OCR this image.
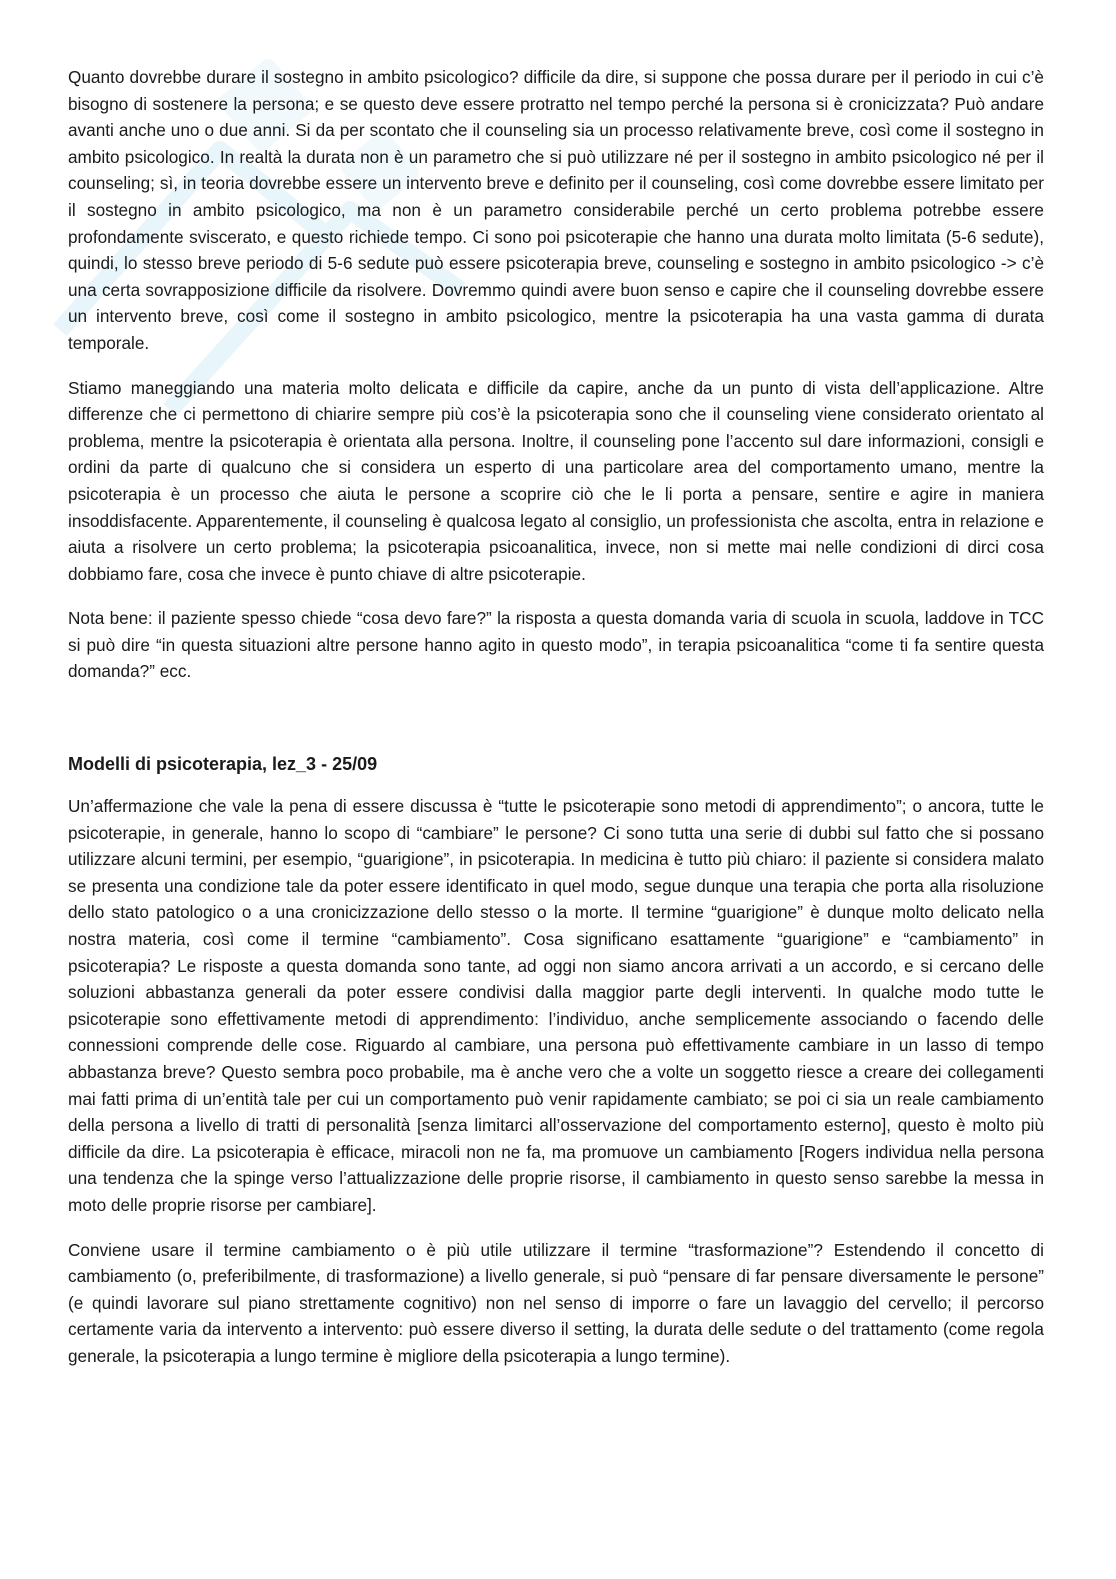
Quanto dovrebbe durare il sostegno in ambito psicologico? difficile da dire, si suppone che possa durare per il periodo in cui c’è bisogno di sostenere la persona; e se questo deve essere protratto nel tempo perché la persona si è cronicizzata? Può andare avanti anche uno o due anni. Si da per scontato che il counseling sia un processo relativamente breve, così come il sostegno in ambito psicologico. In realtà la durata non è un parametro che si può utilizzare né per il sostegno in ambito psicologico né per il counseling; sì, in teoria dovrebbe essere un intervento breve e definito per il counseling, così come dovrebbe essere limitato per il sostegno in ambito psicologico, ma non è un parametro considerabile perché un certo problema potrebbe essere profondamente sviscerato, e questo richiede tempo. Ci sono poi psicoterapie che hanno una durata molto limitata (5-6 sedute), quindi, lo stesso breve periodo di 5-6 sedute può essere psicoterapia breve, counseling e sostegno in ambito psicologico -> c’è una certa sovrapposizione difficile da risolvere. Dovremmo quindi avere buon senso e capire che il counseling dovrebbe essere un intervento breve, così come il sostegno in ambito psicologico, mentre la psicoterapia ha una vasta gamma di durata temporale.

Stiamo maneggiando una materia molto delicata e difficile da capire, anche da un punto di vista dell’applicazione. Altre differenze che ci permettono di chiarire sempre più cos’è la psicoterapia sono che il counseling viene considerato orientato al problema, mentre la psicoterapia è orientata alla persona. Inoltre, il counseling pone l’accento sul dare informazioni, consigli e ordini da parte di qualcuno che si considera un esperto di una particolare area del comportamento umano, mentre la psicoterapia è un processo che aiuta le persone a scoprire ciò che le li porta a pensare, sentire e agire in maniera insoddisfacente. Apparentemente, il counseling è qualcosa legato al consiglio, un professionista che ascolta, entra in relazione e aiuta a risolvere un certo problema; la psicoterapia psicoanalitica, invece, non si mette mai nelle condizioni di dirci cosa dobbiamo fare, cosa che invece è punto chiave di altre psicoterapie.

Nota bene: il paziente spesso chiede “cosa devo fare?” la risposta a questa domanda varia di scuola in scuola, laddove in TCC si può dire “in questa situazioni altre persone hanno agito in questo modo”, in terapia psicoanalitica “come ti fa sentire questa domanda?” ecc.

Modelli di psicoterapia, lez_3 - 25/09

Un’affermazione che vale la pena di essere discussa è “tutte le psicoterapie sono metodi di apprendimento”; o ancora, tutte le psicoterapie, in generale, hanno lo scopo di “cambiare” le persone? Ci sono tutta una serie di dubbi sul fatto che si possano utilizzare alcuni termini, per esempio, “guarigione”, in psicoterapia. In medicina è tutto più chiaro: il paziente si considera malato se presenta una condizione tale da poter essere identificato in quel modo, segue dunque una terapia che porta alla risoluzione dello stato patologico o a una cronicizzazione dello stesso o la morte. Il termine “guarigione” è dunque molto delicato nella nostra materia, così come il termine “cambiamento”. Cosa significano esattamente “guarigione” e “cambiamento” in psicoterapia? Le risposte a questa domanda sono tante, ad oggi non siamo ancora arrivati a un accordo, e si cercano delle soluzioni abbastanza generali da poter essere condivisi dalla maggior parte degli interventi. In qualche modo tutte le psicoterapie sono effettivamente metodi di apprendimento: l’individuo, anche semplicemente associando o facendo delle connessioni comprende delle cose. Riguardo al cambiare, una persona può effettivamente cambiare in un lasso di tempo abbastanza breve? Questo sembra poco probabile, ma è anche vero che a volte un soggetto riesce a creare dei collegamenti mai fatti prima di un’entità tale per cui un comportamento può venir rapidamente cambiato; se poi ci sia un reale cambiamento della persona a livello di tratti di personalità [senza limitarci all’osservazione del comportamento esterno], questo è molto più difficile da dire. La psicoterapia è efficace, miracoli non ne fa, ma promuove un cambiamento [Rogers individua nella persona una tendenza che la spinge verso l’attualizzazione delle proprie risorse, il cambiamento in questo senso sarebbe la messa in moto delle proprie risorse per cambiare].

Conviene usare il termine cambiamento o è più utile utilizzare il termine “trasformazione”? Estendendo il concetto di cambiamento (o, preferibilmente, di trasformazione) a livello generale, si può “pensare di far pensare diversamente le persone” (e quindi lavorare sul piano strettamente cognitivo) non nel senso di imporre o fare un lavaggio del cervello; il percorso certamente varia da intervento a intervento: può essere diverso il setting, la durata delle sedute o del trattamento (come regola generale, la psicoterapia a lungo termine è migliore della psicoterapia a lungo termine).
